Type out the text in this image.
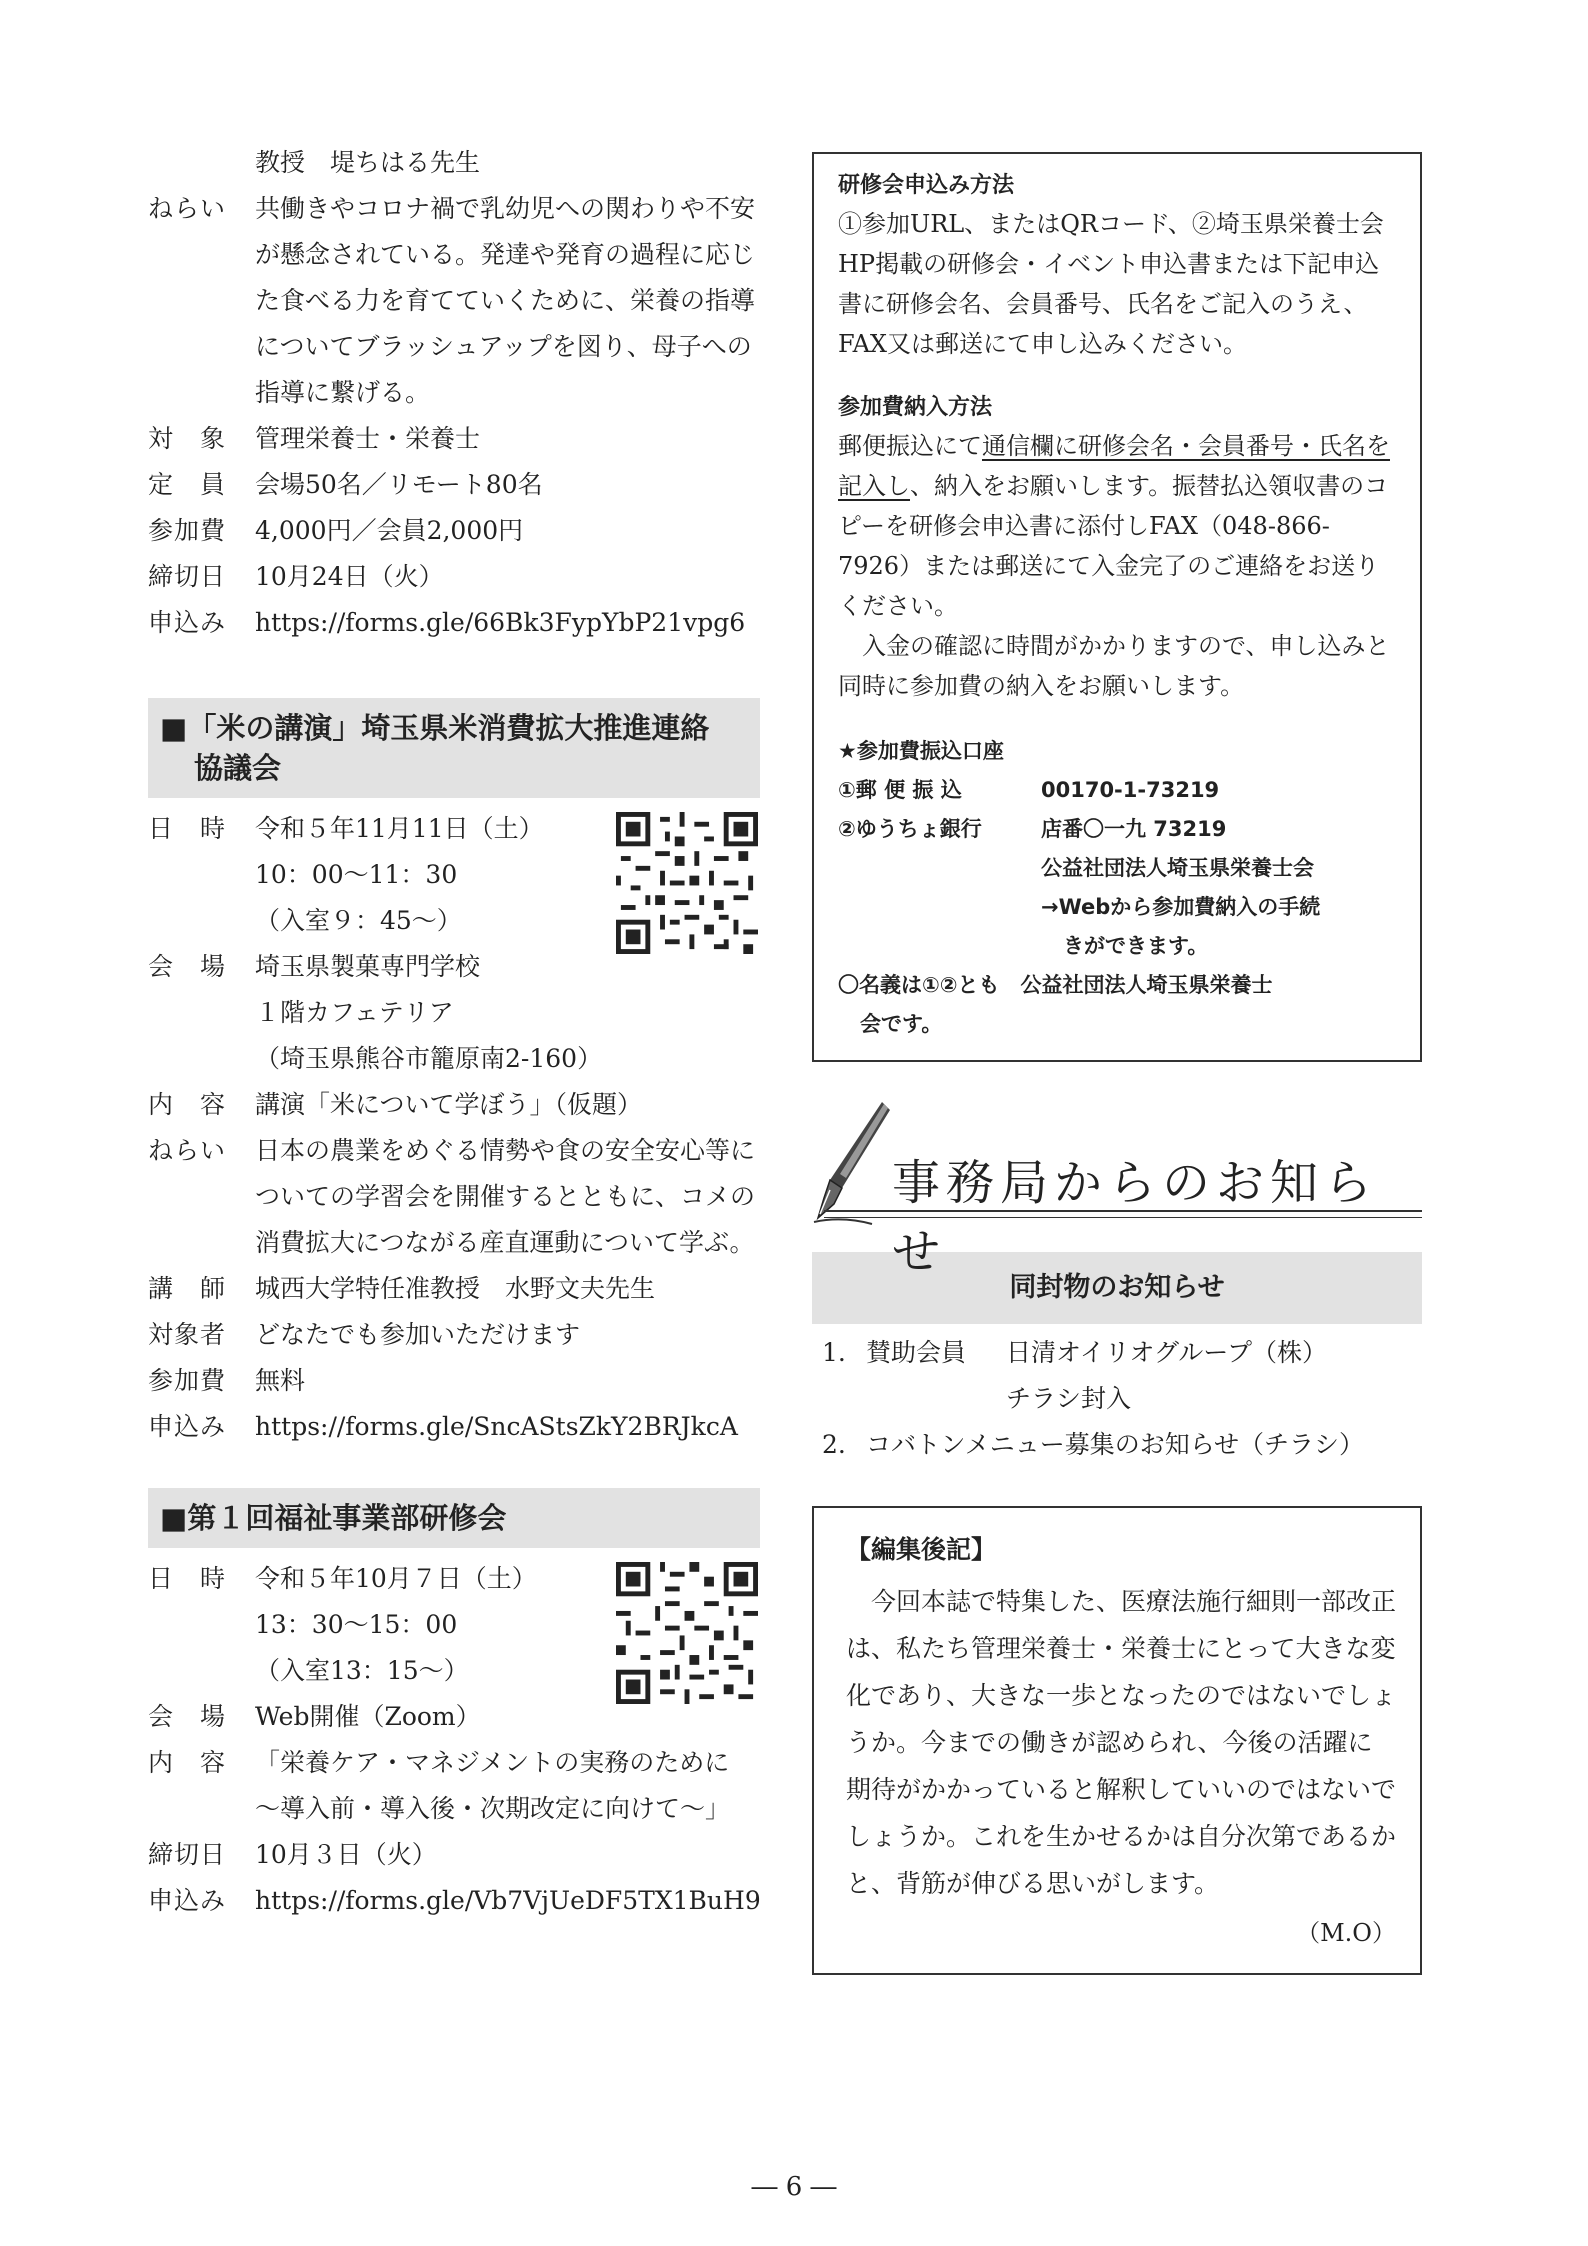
教授　堤ちはる先生
ねらい	共働きやコロナ禍で乳幼児への関わりや不安が懸念されている。発達や発育の過程に応じた食べる力を育てていくために、栄養の指導についてブラッシュアップを図り、母子への指導に繋げる。
対　象	管理栄養士・栄養士
定　員	会場50名／リモート80名
参加費	4,000円／会員2,000円
締切日	10月24日（火）
申込み	https://forms.gle/66Bk3FypYbP21vpg6
■「米の講演」埼玉県米消費拡大推進連絡
協議会
日　時	令和５年11月11日（土）
10：00～11：30
（入室９：45～）
会　場	埼玉県製菓専門学校
１階カフェテリア
（埼玉県熊谷市籠原南2-160）
内　容	講演「米について学ぼう」（仮題）
ねらい	日本の農業をめぐる情勢や食の安全安心等についての学習会を開催するとともに、コメの消費拡大につながる産直運動について学ぶ。
講　師	城西大学特任准教授　水野文夫先生
対象者	どなたでも参加いただけます
参加費	無料
申込み	https://forms.gle/SncAStsZkY2BRJkcA
■第１回福祉事業部研修会
日　時	令和５年10月７日（土）
13：30～15：00
（入室13：15～）
会　場	Web開催（Zoom）
内　容	「栄養ケア・マネジメントの実務のために
～導入前・導入後・次期改定に向けて～」
締切日	10月３日（火）
申込み	https://forms.gle/Vb7VjUeDF5TX1BuH9
研修会申込み方法
①参加URL、またはQRコード、②埼玉県栄養士会HP掲載の研修会・イベント申込書または下記申込書に研修会名、会員番号、氏名をご記入のうえ、FAX又は郵送にて申し込みください。
参加費納入方法
郵便振込にて通信欄に研修会名・会員番号・氏名を記入し、納入をお願いします。振替払込領収書のコピーを研修会申込書に添付しFAX（048-866-7926）または郵送にて入金完了のご連絡をお送りください。
入金の確認に時間がかかりますので、申し込みと同時に参加費の納入をお願いします。
★参加費振込口座
①郵 便 振 込	00170-1-73219
②ゆうちょ銀行	店番〇一九 73219
公益社団法人埼玉県栄養士会
→Webから参加費納入の手続
きができます。
〇名義は①②とも　公益社団法人埼玉県栄養士
会です。
事務局からのお知らせ
同封物のお知らせ
1. 賛助会員	日清オイリオグループ（株）
チラシ封入
2. コバトンメニュー募集のお知らせ（チラシ）
【編集後記】
今回本誌で特集した、医療法施行細則一部改正は、私たち管理栄養士・栄養士にとって大きな変化であり、大きな一歩となったのではないでしょうか。今までの働きが認められ、今後の活躍に期待がかかっていると解釈していいのではないでしょうか。これを生かせるかは自分次第であるかと、背筋が伸びる思いがします。
（M.O）
― 6 ―
